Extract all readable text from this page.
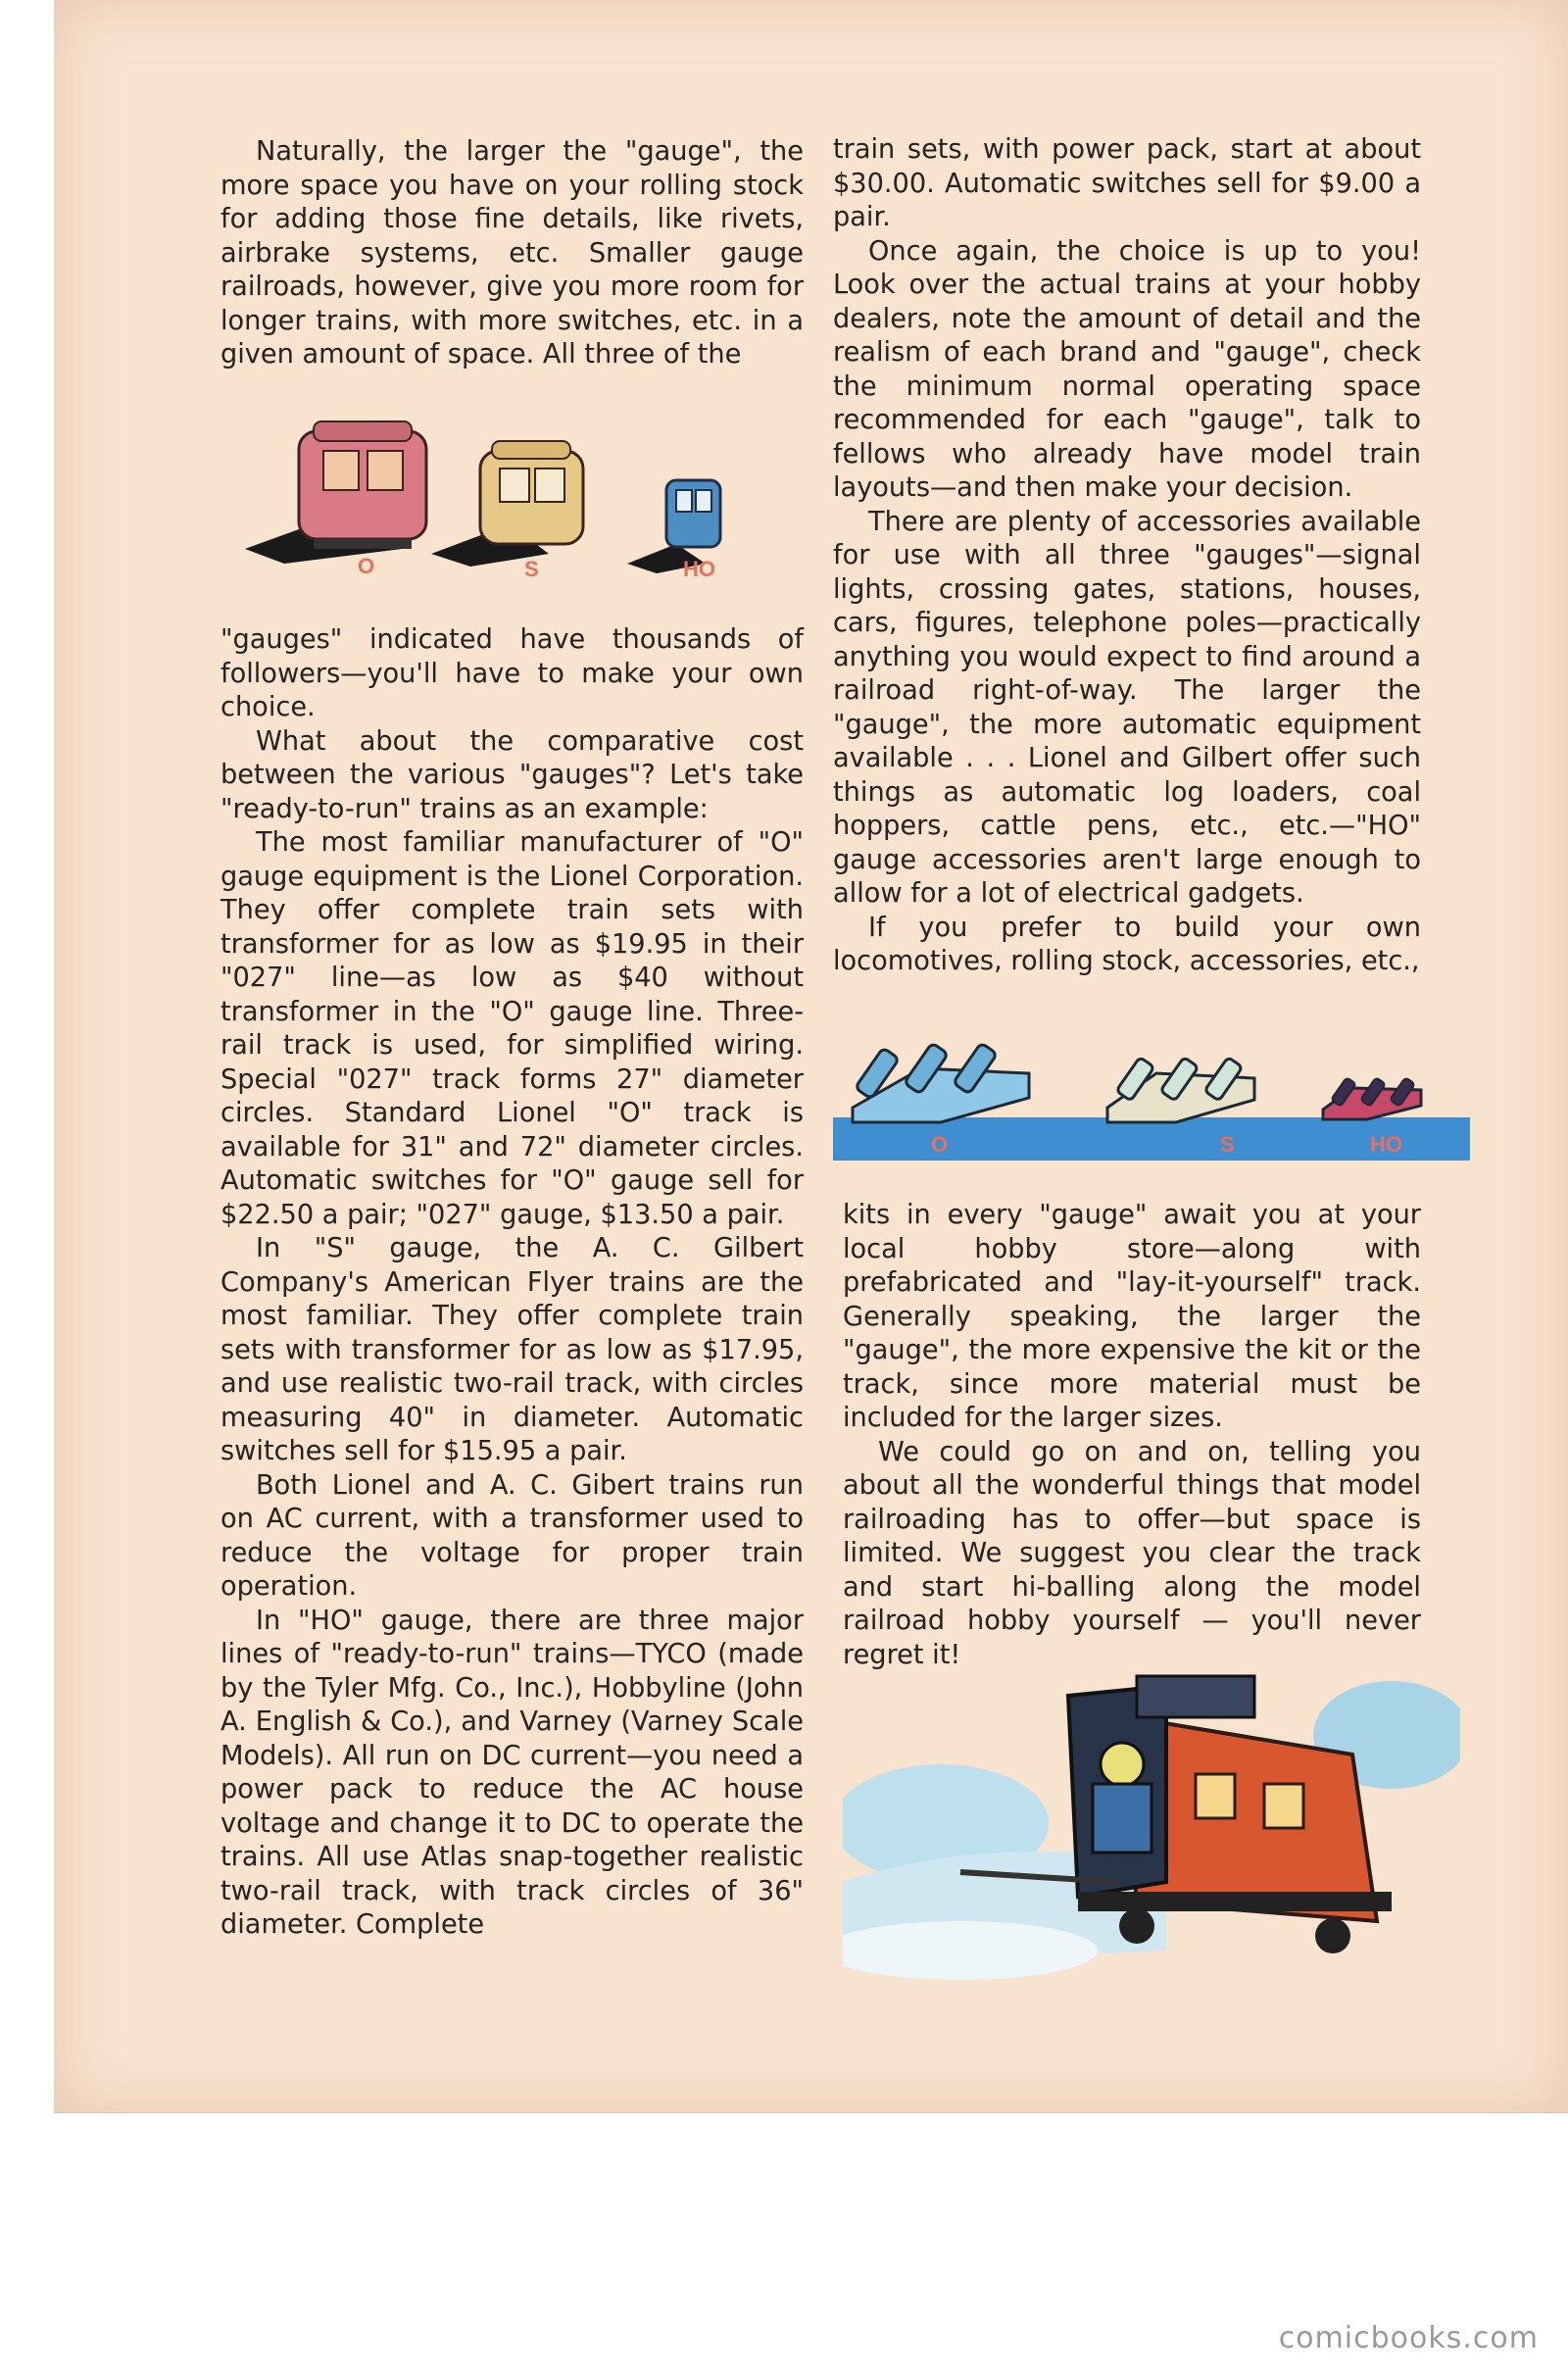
Naturally, the larger the "gauge", the more space you have on your rolling stock for adding those fine details, like rivets, airbrake systems, etc. Smaller gauge railroads, however, give you more room for longer trains, with more switches, etc. in a given amount of space. All three of the

O	S	HO

"gauges" indicated have thousands of followers—you'll have to make your own choice.

What about the comparative cost between the various "gauges"? Let's take "ready-to-run" trains as an example:

The most familiar manufacturer of "O" gauge equipment is the Lionel Corporation. They offer complete train sets with transformer for as low as $19.95 in their "027" line—as low as $40 without transformer in the "O" gauge line. Three-rail track is used, for simplified wiring. Special "027" track forms 27" diameter circles. Standard Lionel "O" track is available for 31" and 72" diameter circles. Automatic switches for "O" gauge sell for $22.50 a pair; "027" gauge, $13.50 a pair.

In "S" gauge, the A. C. Gilbert Company's American Flyer trains are the most familiar. They offer complete train sets with transformer for as low as $17.95, and use realistic two-rail track, with circles measuring 40" in diameter. Automatic switches sell for $15.95 a pair.

Both Lionel and A. C. Gibert trains run on AC current, with a transformer used to reduce the voltage for proper train operation.

In "HO" gauge, there are three major lines of "ready-to-run" trains—TYCO (made by the Tyler Mfg. Co., Inc.), Hobbyline (John A. English & Co.), and Varney (Varney Scale Models). All run on DC current—you need a power pack to reduce the AC house voltage and change it to DC to operate the trains. All use Atlas snap-together realistic two-rail track, with track circles of 36" diameter. Complete

train sets, with power pack, start at about $30.00. Automatic switches sell for $9.00 a pair.

Once again, the choice is up to you! Look over the actual trains at your hobby dealers, note the amount of detail and the realism of each brand and "gauge", check the minimum normal operating space recommended for each "gauge", talk to fellows who already have model train layouts—and then make your decision.

There are plenty of accessories available for use with all three "gauges"—signal lights, crossing gates, stations, houses, cars, figures, telephone poles—practically anything you would expect to find around a railroad right-of-way. The larger the "gauge", the more automatic equipment available . . . Lionel and Gilbert offer such things as automatic log loaders, coal hoppers, cattle pens, etc., etc.—"HO" gauge accessories aren't large enough to allow for a lot of electrical gadgets.

If you prefer to build your own locomotives, rolling stock, accessories, etc.,

O	S	HO

kits in every "gauge" await you at your local hobby store—along with prefabricated and "lay-it-yourself" track. Generally speaking, the larger the "gauge", the more expensive the kit or the track, since more material must be included for the larger sizes.

We could go on and on, telling you about all the wonderful things that model railroading has to offer—but space is limited. We suggest you clear the track and start hi-balling along the model railroad hobby yourself — you'll never regret it!

comicbooks.com
